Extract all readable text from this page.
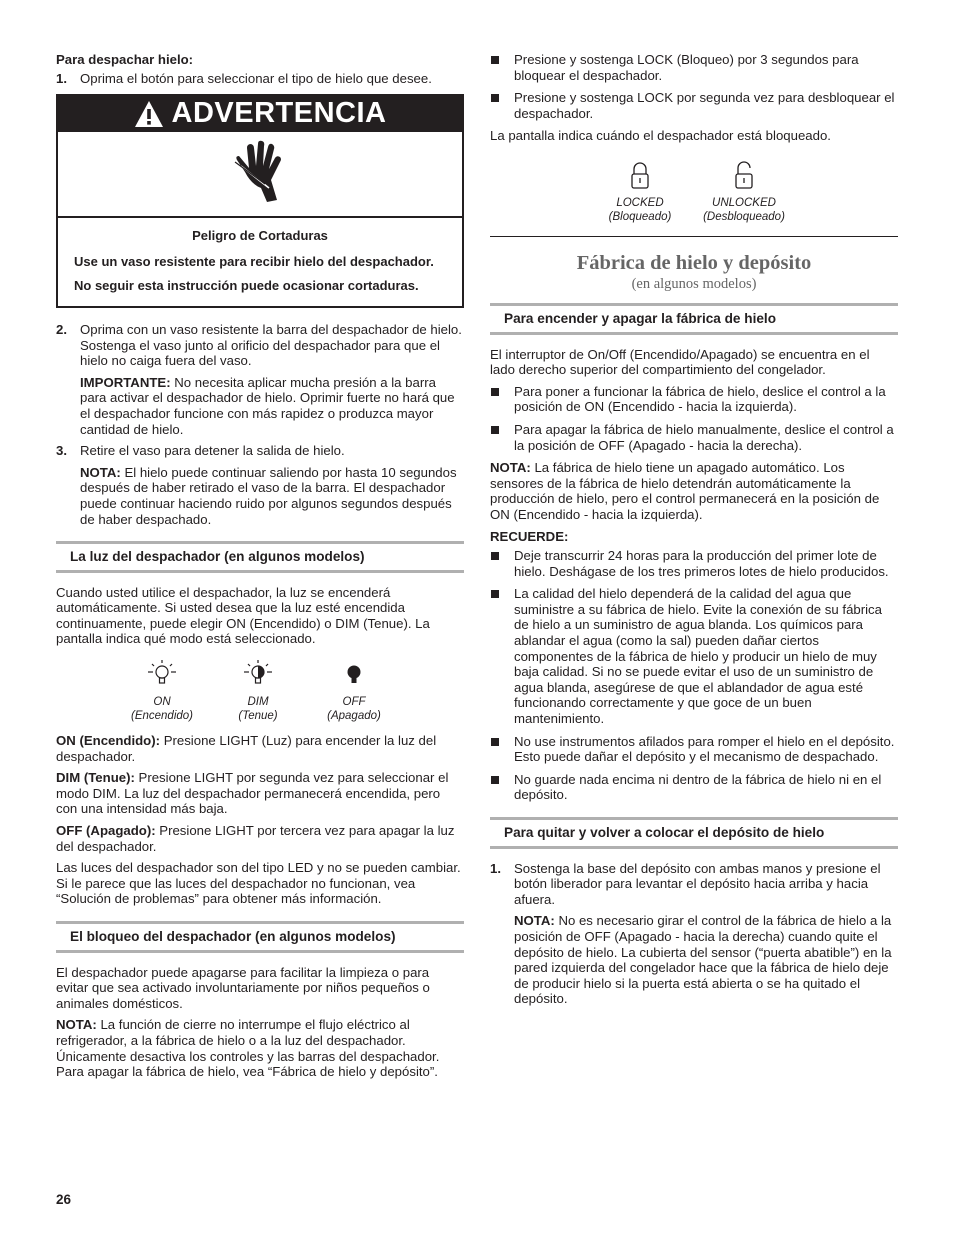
Para despachar hielo:

1. Oprima el botón para seleccionar el tipo de hielo que desee.

ADVERTENCIA
Peligro de Cortaduras

Use un vaso resistente para recibir hielo del despachador.

No seguir esta instrucción puede ocasionar cortaduras.

2. Oprima con un vaso resistente la barra del despachador de hielo. Sostenga el vaso junto al orificio del despachador para que el hielo no caiga fuera del vaso.

IMPORTANTE: No necesita aplicar mucha presión a la barra para activar el despachador de hielo. Oprimir fuerte no hará que el despachador funcione con más rapidez o produzca mayor cantidad de hielo.

3. Retire el vaso para detener la salida de hielo.

NOTA: El hielo puede continuar saliendo por hasta 10 segundos después de haber retirado el vaso de la barra. El despachador puede continuar haciendo ruido por algunos segundos después de haber despachado.

La luz del despachador (en algunos modelos)

Cuando usted utilice el despachador, la luz se encenderá automáticamente. Si usted desea que la luz esté encendida continuamente, puede elegir ON (Encendido) o DIM (Tenue). La pantalla indica qué modo está seleccionado.

ON
(Encendido)
DIM
(Tenue)
OFF
(Apagado)

ON (Encendido): Presione LIGHT (Luz) para encender la luz del despachador.

DIM (Tenue): Presione LIGHT por segunda vez para seleccionar el modo DIM. La luz del despachador permanecerá encendida, pero con una intensidad más baja.

OFF (Apagado): Presione LIGHT por tercera vez para apagar la luz del despachador.

Las luces del despachador son del tipo LED y no se pueden cambiar. Si le parece que las luces del despachador no funcionan, vea “Solución de problemas” para obtener más información.

El bloqueo del despachador (en algunos modelos)

El despachador puede apagarse para facilitar la limpieza o para evitar que sea activado involuntariamente por niños pequeños o animales domésticos.

NOTA: La función de cierre no interrumpe el flujo eléctrico al refrigerador, a la fábrica de hielo o a la luz del despachador. Únicamente desactiva los controles y las barras del despachador. Para apagar la fábrica de hielo, vea “Fábrica de hielo y depósito”.

Presione y sostenga LOCK (Bloqueo) por 3 segundos para bloquear el despachador.
Presione y sostenga LOCK por segunda vez para desbloquear el despachador.

La pantalla indica cuándo el despachador está bloqueado.

LOCKED
(Bloqueado)
UNLOCKED
(Desbloqueado)
Fábrica de hielo y depósito
(en algunos modelos)
Para encender y apagar la fábrica de hielo

El interruptor de On/Off (Encendido/Apagado) se encuentra en el lado derecho superior del compartimiento del congelador.

Para poner a funcionar la fábrica de hielo, deslice el control a la posición de ON (Encendido - hacia la izquierda).
Para apagar la fábrica de hielo manualmente, deslice el control a la posición de OFF (Apagado - hacia la derecha).

NOTA: La fábrica de hielo tiene un apagado automático. Los sensores de la fábrica de hielo detendrán automáticamente la producción de hielo, pero el control permanecerá en la posición de ON (Encendido - hacia la izquierda).

RECUERDE:

Deje transcurrir 24 horas para la producción del primer lote de hielo. Deshágase de los tres primeros lotes de hielo producidos.
La calidad del hielo dependerá de la calidad del agua que suministre a su fábrica de hielo. Evite la conexión de su fábrica de hielo a un suministro de agua blanda. Los químicos para ablandar el agua (como la sal) pueden dañar ciertos componentes de la fábrica de hielo y producir un hielo de muy baja calidad. Si no se puede evitar el uso de un suministro de agua blanda, asegúrese de que el ablandador de agua esté funcionando correctamente y que goce de un buen mantenimiento.
No use instrumentos afilados para romper el hielo en el depósito. Esto puede dañar el depósito y el mecanismo de despachado.
No guarde nada encima ni dentro de la fábrica de hielo ni en el depósito.
Para quitar y volver a colocar el depósito de hielo
1. Sostenga la base del depósito con ambas manos y presione el botón liberador para levantar el depósito hacia arriba y hacia afuera.

NOTA: No es necesario girar el control de la fábrica de hielo a la posición de OFF (Apagado - hacia la derecha) cuando quite el depósito de hielo. La cubierta del sensor (“puerta abatible”) en la pared izquierda del congelador hace que la fábrica de hielo deje de producir hielo si la puerta está abierta o se ha quitado el depósito.

26
